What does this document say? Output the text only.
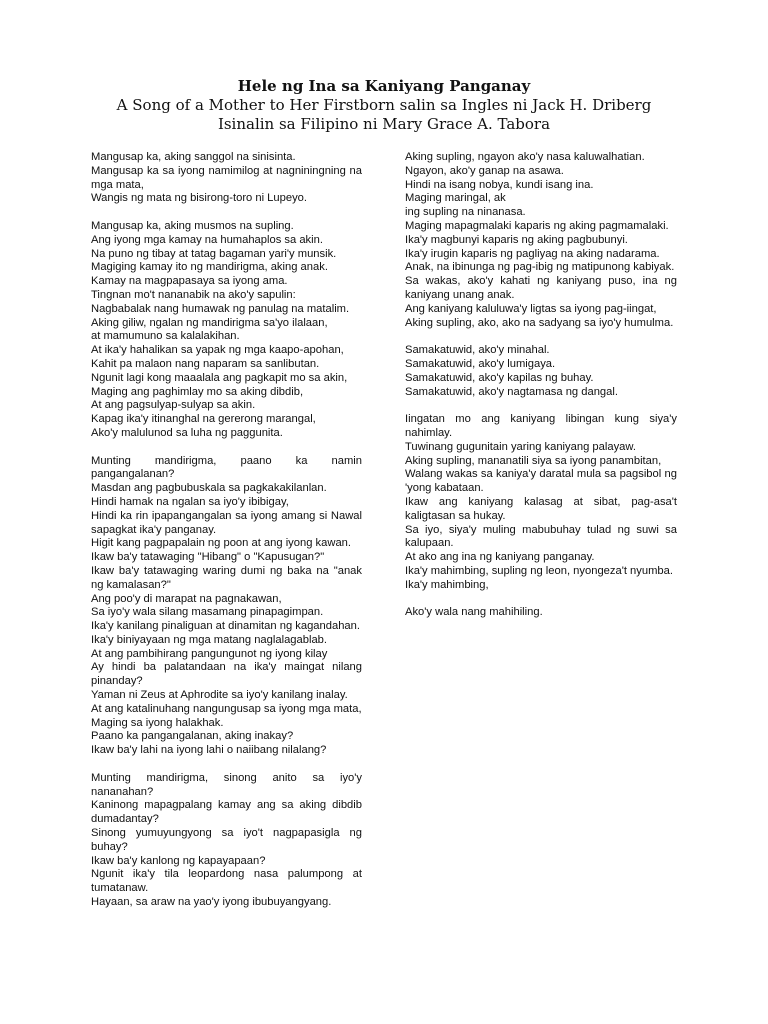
Hele ng Ina sa Kaniyang Panganay
A Song of a Mother to Her Firstborn salin sa Ingles ni Jack H. Driberg
Isinalin sa Filipino ni Mary Grace A. Tabora
Mangusap ka, aking sanggol na sinisinta.
Mangusap ka sa iyong namimilog at nagniningning na mga mata,
Wangis ng mata ng bisirong-toro ni Lupeyo.
Mangusap ka, aking musmos na supling.
Ang iyong mga kamay na humahaplos sa akin.
Na puno ng tibay at tatag bagaman yari'y munsik.
Magiging kamay ito ng mandirigma, aking anak.
Kamay na magpapasaya sa iyong ama.
Tingnan mo't nananabik na ako'y sapulin:
Nagbabalak nang humawak ng panulag na matalim.
Aking giliw, ngalan ng mandirigma sa'yo ilalaan,
at mamumuno sa kalalakihan.
At ika'y hahalikan sa yapak ng mga kaapo-apohan,
Kahit pa malaon nang naparam sa sanlibutan.
Ngunit lagi kong maaalala ang pagkapit mo sa akin,
Maging ang paghimlay mo sa aking dibdib,
At ang pagsulyap-sulyap sa akin.
Kapag ika'y itinanghal na gererong marangal,
Ako'y malulunod sa luha ng paggunita.
Munting mandirigma, paano ka namin pangangalanan?
Masdan ang pagbubuskala sa pagkakakilanlan.
Hindi hamak na ngalan sa iyo'y ibibigay,
Hindi ka rin ipapangangalan sa iyong amang si Nawal sapagkat ika'y panganay.
Higit kang pagpapalain ng poon at ang iyong kawan.
Ikaw ba'y tatawaging "Hibang" o "Kapusugan?"
Ikaw ba'y tatawaging waring dumi ng baka na "anak ng kamalasan?"
Ang poo'y di marapat na pagnakawan,
Sa iyo'y wala silang masamang pinapagimpan.
Ika'y kanilang pinaliguan at dinamitan ng kagandahan.
Ika'y biniyayaan ng mga matang naglalagablab.
At ang pambihirang pangungunot ng iyong kilay
Ay hindi ba palatandaan na ika'y maingat nilang pinanday?
Yaman ni Zeus at Aphrodite sa iyo'y kanilang inalay.
At ang katalinuhang nangungusap sa iyong mga mata,
Maging sa iyong halakhak.
Paano ka pangangalanan, aking inakay?
Ikaw ba'y lahi na iyong lahi o naiibang nilalang?
Munting mandirigma, sinong anito sa iyo'y nananahan?
Kaninong mapagpalang kamay ang sa aking dibdib dumadantay?
Sinong yumuyungyong sa iyo't nagpapasigla ng buhay?
Ikaw ba'y kanlong ng kapayapaan?
Ngunit ika'y tila leopardong nasa palumpong at tumatanaw.
Hayaan, sa araw na yao'y iyong ibubuyangyang.
Aking supling, ngayon ako'y nasa kaluwalhatian.
Ngayon, ako'y ganap na asawa.
Hindi na isang nobya, kundi isang ina.
Maging maringal, ak
ing supling na ninanasa.
Maging mapagmalaki kaparis ng aking pagmamalaki.
Ika'y magbunyi kaparis ng aking pagbubunyi.
Ika'y irugin kaparis ng pagliyag na aking nadarama.
Anak, na ibinunga ng pag-ibig ng matipunong kabiyak.
Sa wakas, ako'y kahati ng kaniyang puso, ina ng kaniyang unang anak.
Ang kaniyang kaluluwa'y ligtas sa iyong pag-iingat,
Aking supling, ako, ako na sadyang sa iyo'y humulma.
Samakatuwid, ako'y minahal.
Samakatuwid, ako'y lumigaya.
Samakatuwid, ako'y kapilas ng buhay.
Samakatuwid, ako'y nagtamasa ng dangal.
Iingatan mo ang kaniyang libingan kung siya'y nahimlay.
Tuwinang gugunitain yaring kaniyang palayaw.
Aking supling, mananatili siya sa iyong panambitan,
Walang wakas sa kaniya'y daratal mula sa pagsibol ng 'yong kabataan.
Ikaw ang kaniyang kalasag at sibat, pag-asa't kaligtasan sa hukay.
Sa iyo, siya'y muling mabubuhay tulad ng suwi sa kalupaan.
At ako ang ina ng kaniyang panganay.
Ika'y mahimbing, supling ng leon, nyongeza't nyumba.
Ika'y mahimbing,
Ako'y wala nang mahihiling.
